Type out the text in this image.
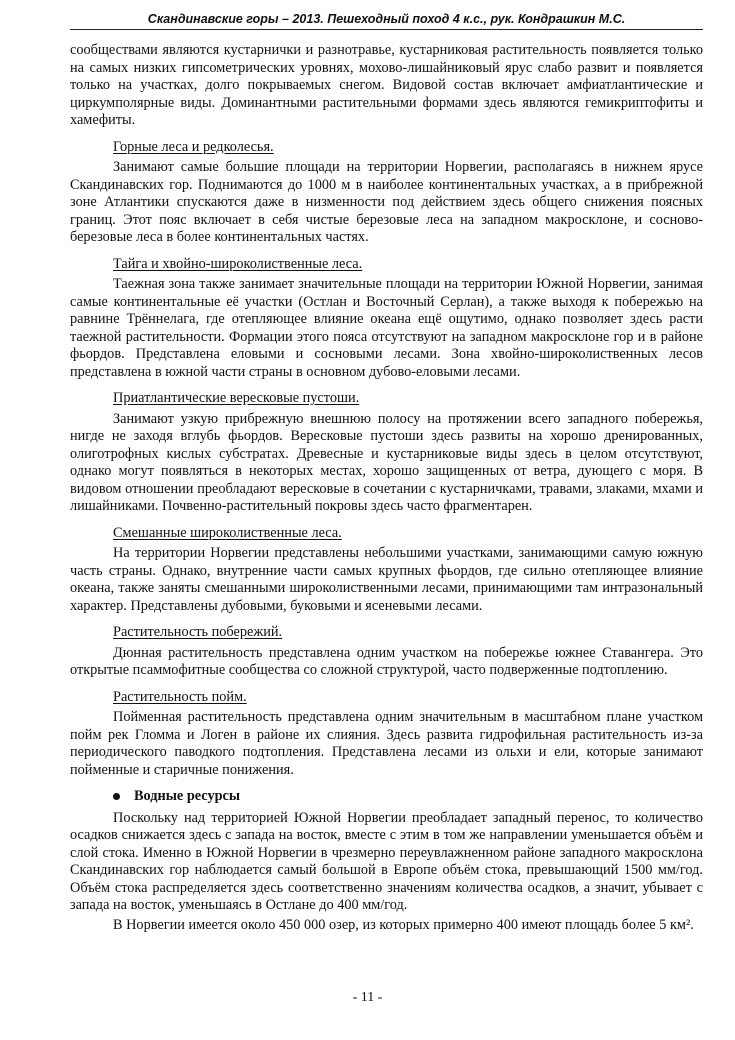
Скандинавские горы – 2013. Пешеходный поход 4 к.с., рук. Кондрашкин М.С.

сообществами являются кустарнички и разнотравье, кустарниковая растительность появляется только на самых низких гипсометрических уровнях, мохово-лишайниковый ярус слабо развит и появляется только на участках, долго покрываемых снегом. Видовой состав включает амфиатлантические и циркумполярные виды. Доминантными растительными формами здесь являются гемикриптофиты и хамефиты.

Горные леса и редколесья.

Занимают самые большие площади на территории Норвегии, располагаясь в нижнем ярусе Скандинавских гор. Поднимаются до 1000 м в наиболее континентальных участках, а в прибрежной зоне Атлантики спускаются даже в низменности под действием здесь общего снижения поясных границ. Этот пояс включает в себя чистые березовые леса на западном макросклоне, и сосново-березовые леса в более континентальных частях.

Тайга и хвойно-широколиственные леса.

Таежная зона также занимает значительные площади на территории Южной Норвегии, занимая самые континентальные её участки (Остлан и Восточный Серлан), а также выходя к побережью на равнине Трённелага, где отепляющее влияние океана ещё ощутимо, однако позволяет здесь расти таежной растительности. Формации этого пояса отсутствуют на западном макросклоне гор и в районе фьордов. Представлена еловыми и сосновыми лесами. Зона хвойно-широколиственных лесов представлена в южной части страны в основном дубово-еловыми лесами.

Приатлантические вересковые пустоши.

Занимают узкую прибрежную внешнюю полосу на протяжении всего западного побережья, нигде не заходя вглубь фьордов. Вересковые пустоши здесь развиты на хорошо дренированных, олиготрофных кислых субстратах. Древесные и кустарниковые виды здесь в целом отсутствуют, однако могут появляться в некоторых местах, хорошо защищенных от ветра, дующего с моря. В видовом отношении преобладают вересковые в сочетании с кустарничками, травами, злаками, мхами и лишайниками. Почвенно-растительный покровы здесь часто фрагментарен.

Смешанные широколиственные леса.

На территории Норвегии представлены небольшими участками, занимающими самую южную часть страны. Однако, внутренние части самых крупных фьордов, где сильно отепляющее влияние океана, также заняты смешанными широколиственными лесами, принимающими там интразональный характер. Представлены дубовыми, буковыми и ясеневыми лесами.

Растительность побережий.

Дюнная растительность представлена одним участком на побережье южнее Ставангера. Это открытые псаммофитные сообщества со сложной структурой, часто подверженные подтоплению.

Растительность пойм.

Пойменная растительность представлена одним значительным в масштабном плане участком пойм рек Гломма и Логен в районе их слияния. Здесь развита гидрофильная растительность из-за периодического паводкого подтопления. Представлена лесами из ольхи и ели, которые занимают пойменные и старичные понижения.

Водные ресурсы

Поскольку над территорией Южной Норвегии преобладает западный перенос, то количество осадков снижается здесь с запада на восток, вместе с этим в том же направлении уменьшается объём и слой стока. Именно в Южной Норвегии в чрезмерно переувлажненном районе западного макросклона Скандинавских гор наблюдается самый большой в Европе объём стока, превышающий 1500 мм/год. Объём стока распределяется здесь соответственно значениям количества осадков, а значит, убывает с запада на восток, уменьшаясь в Остлане до 400 мм/год.

В Норвегии имеется около 450 000 озер, из которых примерно 400 имеют площадь более 5 км².

- 11 -
